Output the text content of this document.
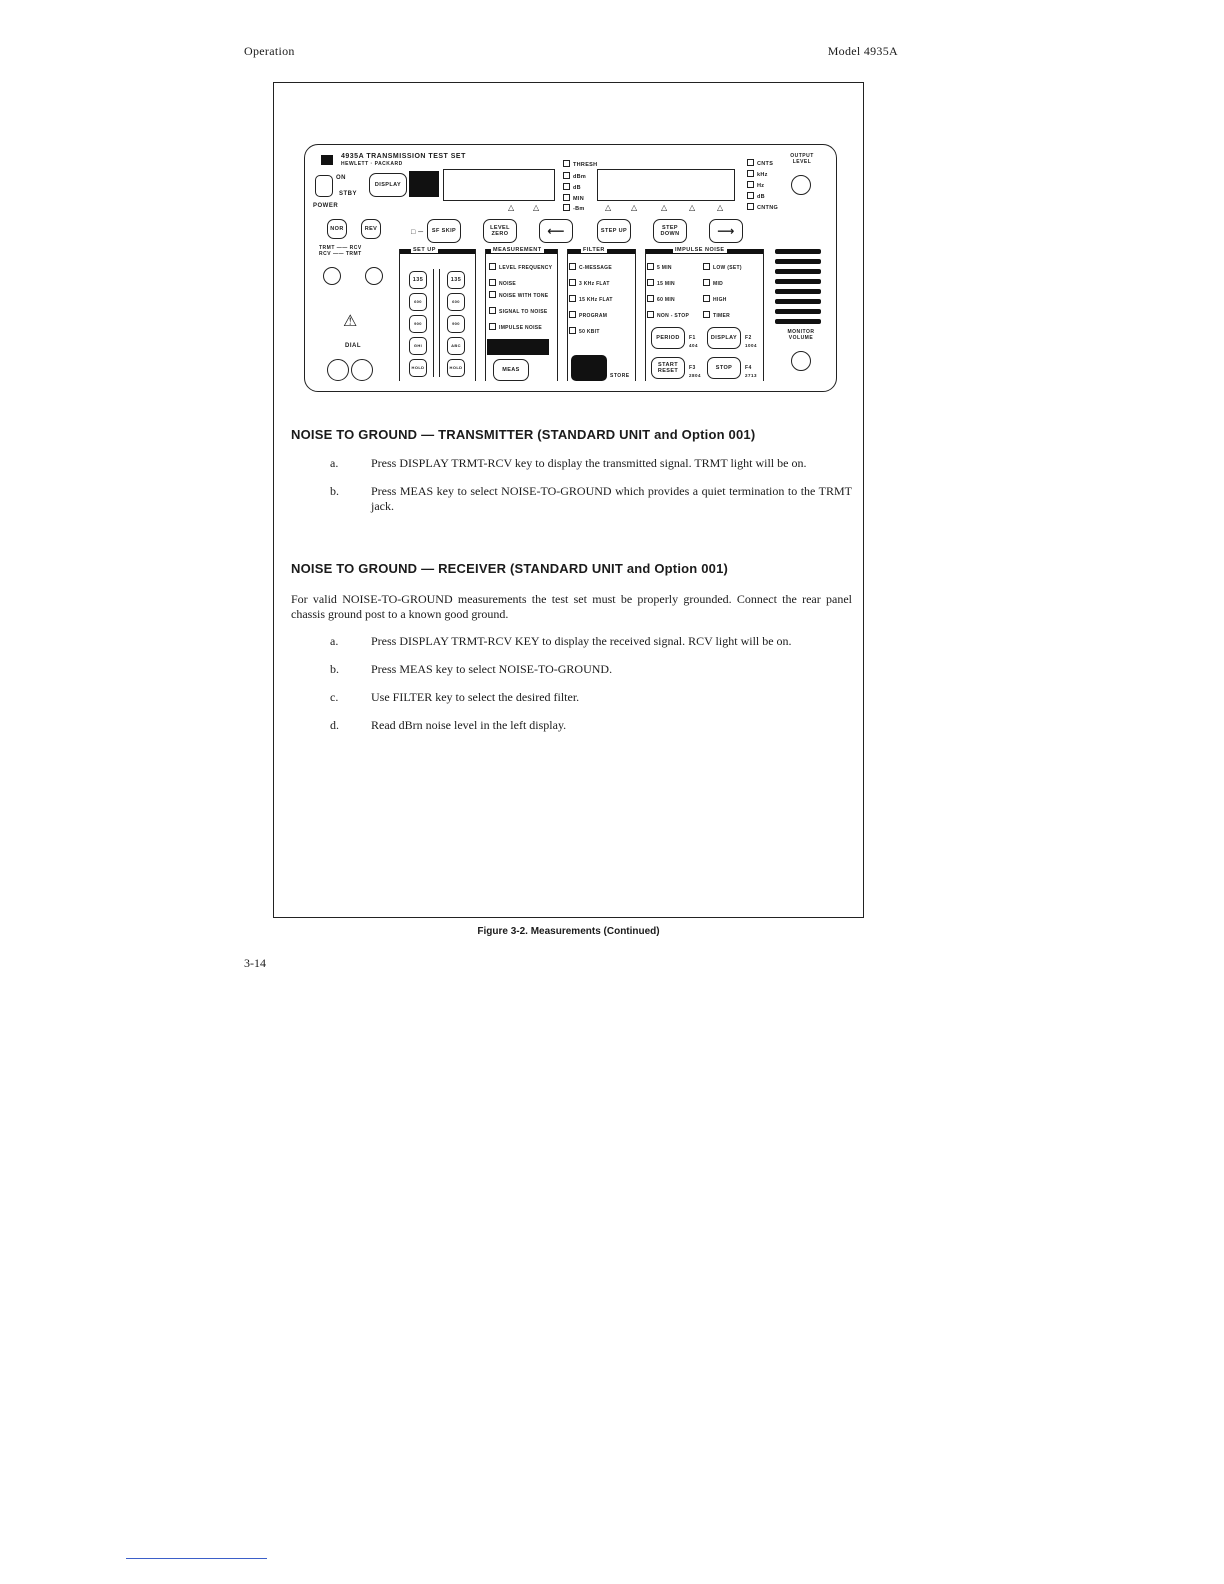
Operation	Model 4935A
4935A TRANSMISSION TEST SET
HEWLETT · PACKARD
ON
STBY
POWER
DISPLAY
THRESH
dBm
dB
MIN
-Bm
CNTS
kHz
Hz
dB
CNTNG
OUTPUT LEVEL
△ △	△ △	△	△	△
NOR	REV
TRMT —— RCV
RCV —— TRMT
⚠
DIAL
□ ─	SF SKIP	LEVEL ZERO	⟵	STEP UP	STEP DOWN	⟶
SET UP
135
600
900
GHI
HOLD
135
600
900
ABC
HOLD
MEASUREMENT
LEVEL FREQUENCY
NOISE
NOISE WITH TONE
SIGNAL TO NOISE
IMPULSE NOISE
MEAS
FILTER
C-MESSAGE
3 KHz FLAT
15 KHz FLAT
PROGRAM
50 KBIT
STORE
IMPULSE NOISE
5 MIN
15 MIN
60 MIN
NON - STOP
LOW (SET)
MID
HIGH
TIMER
PERIOD	F1
404
DISPLAY	F2
1004
START RESET	F3
2804
STOP	F4
2713
MONITOR VOLUME
NOISE TO GROUND — TRANSMITTER (STANDARD UNIT and Option 001)
a.	Press DISPLAY TRMT-RCV key to display the transmitted signal. TRMT light will be on.
b.	Press MEAS key to select NOISE-TO-GROUND which provides a quiet termination to the TRMT jack.
NOISE TO GROUND — RECEIVER (STANDARD UNIT and Option 001)
For valid NOISE-TO-GROUND measurements the test set must be properly grounded. Connect the rear panel chassis ground post to a known good ground.
a.	Press DISPLAY TRMT-RCV KEY to display the received signal. RCV light will be on.
b.	Press MEAS key to select NOISE-TO-GROUND.
c.	Use FILTER key to select the desired filter.
d.	Read dBrn noise level in the left display.
Figure 3-2. Measurements (Continued)
3-14
